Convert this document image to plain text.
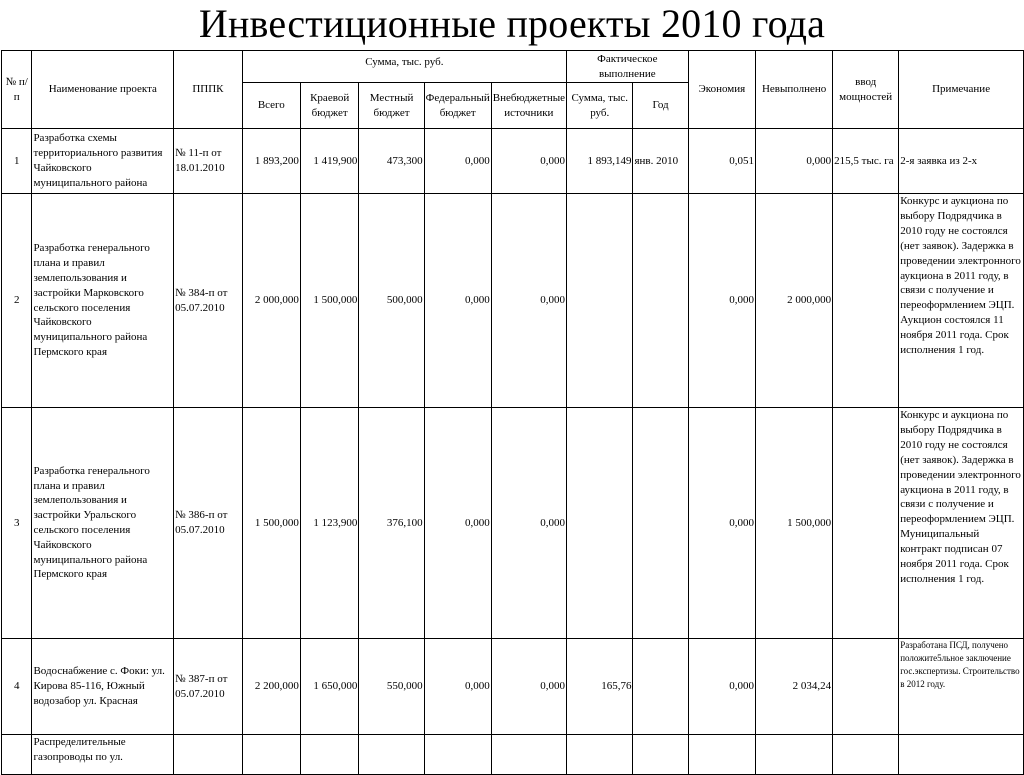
Инвестиционные проекты 2010 года
№ п/п	Наименование проекта	ПППК	Сумма, тыс. руб.					Фактическое выполнение		Экономия	Невыполнено	ввод мощностей	Примечание
			Всего	Краевой бюджет	Местный бюджет	Федеральный бюджет	Внебюджетные источники	Сумма, тыс. руб.	Год				
1	Разработка схемы территориального развития Чайковского муниципального района	№ 11-п от 18.01.2010	1 893,200	1 419,900	473,300	0,000	0,000	1 893,149	янв. 2010	0,051	0,000	215,5 тыс. га	2-я заявка из 2-х
2	Разработка генерального плана и правил землепользования и застройки Марковского сельского поселения Чайковского муниципального района Пермского края	№ 384-п от 05.07.2010	2 000,000	1 500,000	500,000	0,000	0,000			0,000	2 000,000		Конкурс и аукциона по выбору Подрядчика в 2010 году не состоялся (нет заявок). Задержка в проведении электронного аукциона в 2011 году, в связи с получение и переоформлением ЭЦП. Аукцион состоялся 11 ноября 2011 года. Срок исполнения 1 год.
3	Разработка генерального плана и правил землепользования и застройки Уральского сельского поселения Чайковского муниципального района Пермского края	№ 386-п от 05.07.2010	1 500,000	1 123,900	376,100	0,000	0,000			0,000	1 500,000		Конкурс и аукциона по выбору Подрядчика в 2010 году не состоялся (нет заявок). Задержка в проведении электронного аукциона в 2011 году, в связи с получение и переоформлением ЭЦП. Муниципальный контракт подписан 07 ноября 2011 года. Срок исполнения 1 год.
4	Водоснабжение с. Фоки: ул. Кирова 85-116, Южный водозабор ул. Красная	№ 387-п от 05.07.2010	2 200,000	1 650,000	550,000	0,000	0,000	165,76		0,000	2 034,24		Разработана ПСД, получено положите5льное заключение гос.экспертизы. Строительство в 2012 году.
	Распределительные газопроводы по ул.												
